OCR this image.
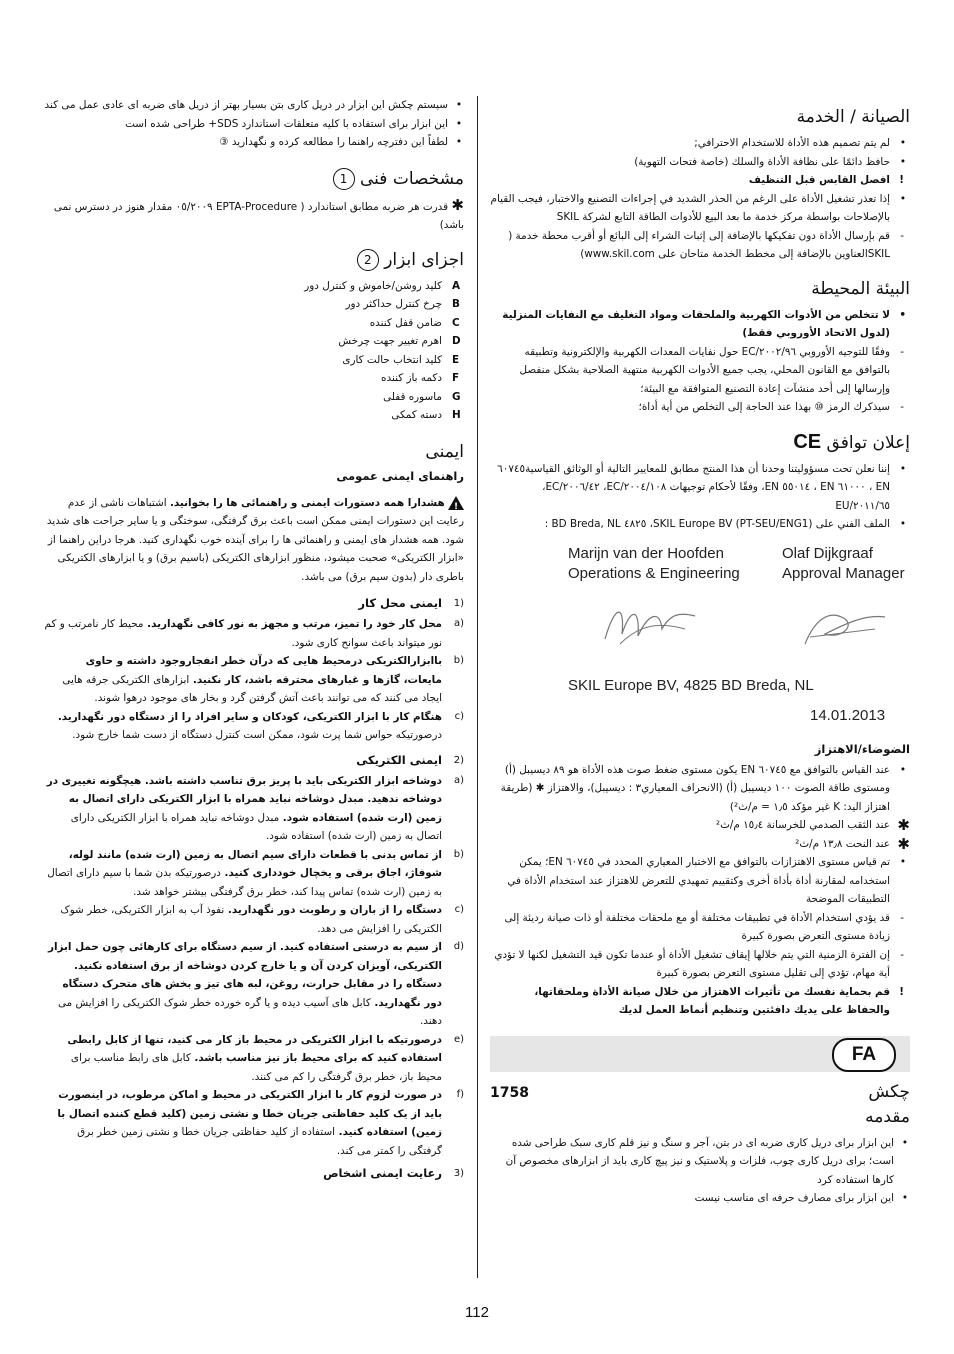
الصيانة / الخدمة
• لم يتم تصميم هذه الأداة للاستخدام الاحترافي;
• حافظ دائمًا على نظافة الأداة والسلك (خاصة فتحات التهوية)
! افصل القابس قبل التنظيف
• إذا تعذر تشغيل الأداة على الرغم من الحذر الشديد في إجراءات التصنيع والاختبار، فيجب القيام بالإصلاحات بواسطة مركز خدمة ما بعد البيع للأدوات الطاقة التابع لشركة SKIL
- قم بإرسال الأداة دون تفكيكها بالإضافة إلى إثبات الشراء إلى البائع أو أقرب محطة خدمة ( SKILالعناوين بالإضافة إلى مخطط الخدمة متاحان على www.skil.com)
البيئة المحيطة
• لا تتخلص من الأدوات الكهربية والملحقات ومواد التغليف مع النفايات المنزلية (لدول الاتحاد الأوروبي فقط)
- وفقًا للتوجيه الأوروبي ٢٠٠٢/٩٦/EC حول نفايات المعدات الكهربية والإلكترونية وتطبيقه بالتوافق مع القانون المحلي، يجب جميع الأدوات الكهربية منتهية الصلاحية بشكل منفصل وإرسالها إلى أحد منشآت إعادة التصنيع المتوافقة مع البيئة؛
- سيذكرك الرمز ⑩ بهذا عند الحاجة إلى التخلص من أية أداة؛
إعلان توافق CE
• إننا نعلن تحت مسؤوليتنا وحدنا أن هذا المنتج مطابق للمعايير التالية أو الوثائق القياسية٦٠٧٤٥ EN ، ٦١٠٠٠ EN ، ٥٥٠١٤ EN، وفقًا لأحكام توجيهات ٢٠٠٤/١٠٨/EC، ٢٠٠٦/٤٢/EC، ٢٠١١/٦٥/EU
• الملف الفني على SKIL Europe BV (PT-SEU/ENG1)، ٤٨٢٥ BD Breda, NL :
Marijn van der Hoofden
Operations & Engineering
Olaf Dijkgraaf
Approval Manager
SKIL Europe BV, 4825 BD Breda, NL
14.01.2013
الضوضاء/الاهتزاز
• عند القياس بالتوافق مع ٦٠٧٤٥ EN يكون مستوى ضغط صوت هذه الأداة هو ٨٩ ديسيبل (أ) ومستوى طاقة الصوت ١٠٠ ديسيبل (أ) (الانحراف المعياري٣ : ديسيبل)، والاهتزاز ✱ (طريقة اهتزاز اليد: K غير مؤكد ١٫٥ = م/ث²)
✱
عند الثقب الصدمي للخرسانة ١٥٫٤ م/ث²
✱
عند النحت ١٣٫٨ م/ث²
• تم قياس مستوى الاهتزازات بالتوافق مع الاختبار المعياري المحدد في ٦٠٧٤٥ EN؛ يمكن استخدامه لمقارنة أداة بأداة أخرى وكتقييم تمهيدي للتعرض للاهتزاز عند استخدام الأداة في التطبيقات الموضحة
- قد يؤدي استخدام الأداة في تطبيقات مختلفة أو مع ملحقات مختلفة أو ذات صيانة رديئة إلى زيادة مستوى التعرض بصورة كبيرة
- إن الفترة الزمنية التي يتم خلالها إيقاف تشغيل الأداة أو عندما تكون قيد التشغيل لكنها لا تؤدي أية مهام، تؤدي إلى تقليل مستوى التعرض بصورة كبيرة
! قم بحماية نفسك من تأثيرات الاهتزاز من خلال صيانة الأداة وملحقاتها، والحفاظ على يديك دافئتين وتنظيم أنماط العمل لديك
FA
چکش
1758
مقدمه
• این ابزار برای دریل کاری ضربه ای در بتن، آجر و سنگ و نیز قلم کاری سبک طراحی شده است؛ برای دریل کاری چوب، فلزات و پلاستیک و نیز پیچ کاری باید از ابزارهای مخصوص آن کارها استفاده کرد
• این ابزار برای مصارف حرفه ای مناسب نیست
• سیستم چکش این ابزار در دریل کاری بتن بسیار بهتر از دریل های ضربه ای عادی عمل می کند
• این ابزار برای استفاده با کلیه متعلقات استاندارد SDS+ طراحی شده است
• لطفاً این دفترچه راهنما را مطالعه کرده و نگهدارید ③
مشخصات فنی 1

✱ قدرت هر ضربه مطابق استاندارد ( EPTA-Procedure ٠٥/٢٠٠٩ مقدار هنوز در دسترس نمی باشد)

اجزای ابزار 2
A
کلید روشن/خاموش و کنترل دور
B
چرخ کنترل حداکثر دور
C
ضامن قفل کننده
D
اهرم تغییر جهت چرخش
E
کلید انتخاب حالت کاری
F
دکمه باز کننده
G
ماسوره قفلی
H
دسته کمکی
ایمنی
راهنمای ایمنی عمومی

! هشدارا همه دستورات ایمنی و راهنمائی ها را بخوانید. اشتباهات ناشی از عدم رعایت این دستورات ایمنی ممکن است باعث برق گرفتگی، سوختگی و یا سایر جراحت های شدید شود. همه هشدار های ایمنی و راهنمائی ها را برای آینده خوب نگهداری کنید. هرجا دراین راهنما از «ابزار الکتریکی» صحبت میشود، منظور ابزارهای الکتریکی (باسیم برق) و یا ابزارهای الکتریکی باطری دار (بدون سیم برق) می باشد.

1)
ایمنی محل کار
a)
محل کار خود را تمیز، مرتب و مجهز به نور کافی نگهدارید. محیط کار نامرتب و کم نور میتواند باعث سوانح کاری شود.
b)
باابزارالکتریکی درمحیط هایی که درآن خطر انفجاروجود داشته و حاوی مایعات، گازها و غبارهای محترقه باشد، کار نکنید. ابزارهای الکتریکی جرقه هایی ایجاد می کنند که می توانند باعث آتش گرفتن گرد و بخار های موجود درهوا شوند.
c)
هنگام کار با ابزار الکتریکی، کودکان و سایر افراد را از دستگاه دور نگهدارید. درصورتیکه حواس شما پرت شود، ممکن است کنترل دستگاه از دست شما خارج شود.
2)
ایمنی الکتریکی
a)
دوشاخه ابزار الکتریکی باید با پریز برق تناسب داشته باشد. هیچگونه تغییری در دوشاخه ندهید. مبدل دوشاخه نباید همراه با ابزار الکتریکی دارای اتصال به زمین (ارت شده) استفاده شود. مبدل دوشاخه نباید همراه با ابزار الکتریکی دارای اتصال به زمین (ارت شده) استفاده شود.
b)
از تماس بدنی با قطعات دارای سیم اتصال به زمین (ارت شده) مانند لوله، شوفاژ، اجاق برقی و یخچال خودداری کنید. درصورتیکه بدن شما با سیم دارای اتصال به زمین (ارت شده) تماس پیدا کند، خطر برق گرفتگی بیشتر خواهد شد.
c)
دستگاه را از باران و رطوبت دور نگهدارید. نفوذ آب به ابزار الکتریکی، خطر شوک الکتریکی را افزایش می دهد.
d)
از سیم به درستی استفاده کنید. از سیم دستگاه برای کارهائی چون حمل ابزار الکتریکی، آویزان کردن آن و یا خارج کردن دوشاخه از برق استفاده نکنید. دستگاه را در مقابل حرارت، روغن، لبه های تیز و بخش های متحرک دستگاه دور نگهدارید. کابل های آسیب دیده و یا گره خورده خطر شوک الکتریکی را افزایش می دهند.
e)
درصورتیکه با ابزار الکتریکی در محیط باز کار می کنید، تنها از کابل رابطی استفاده کنید که برای محیط باز نیز مناسب باشد. کابل های رابط مناسب برای محیط باز، خطر برق گرفتگی را کم می کنند.
f)
در صورت لزوم کار با ابزار الکتریکی در محیط و اماکن مرطوب، در اینصورت باید از یک کلید حفاظتی جریان خطا و نشتی زمین (کلید قطع کننده اتصال با زمین) استفاده کنید. استفاده از کلید حفاظتی جریان خطا و نشتی زمین خطر برق گرفتگی را کمتر می کند.
3)
رعایت ایمنی اشخاص
112
